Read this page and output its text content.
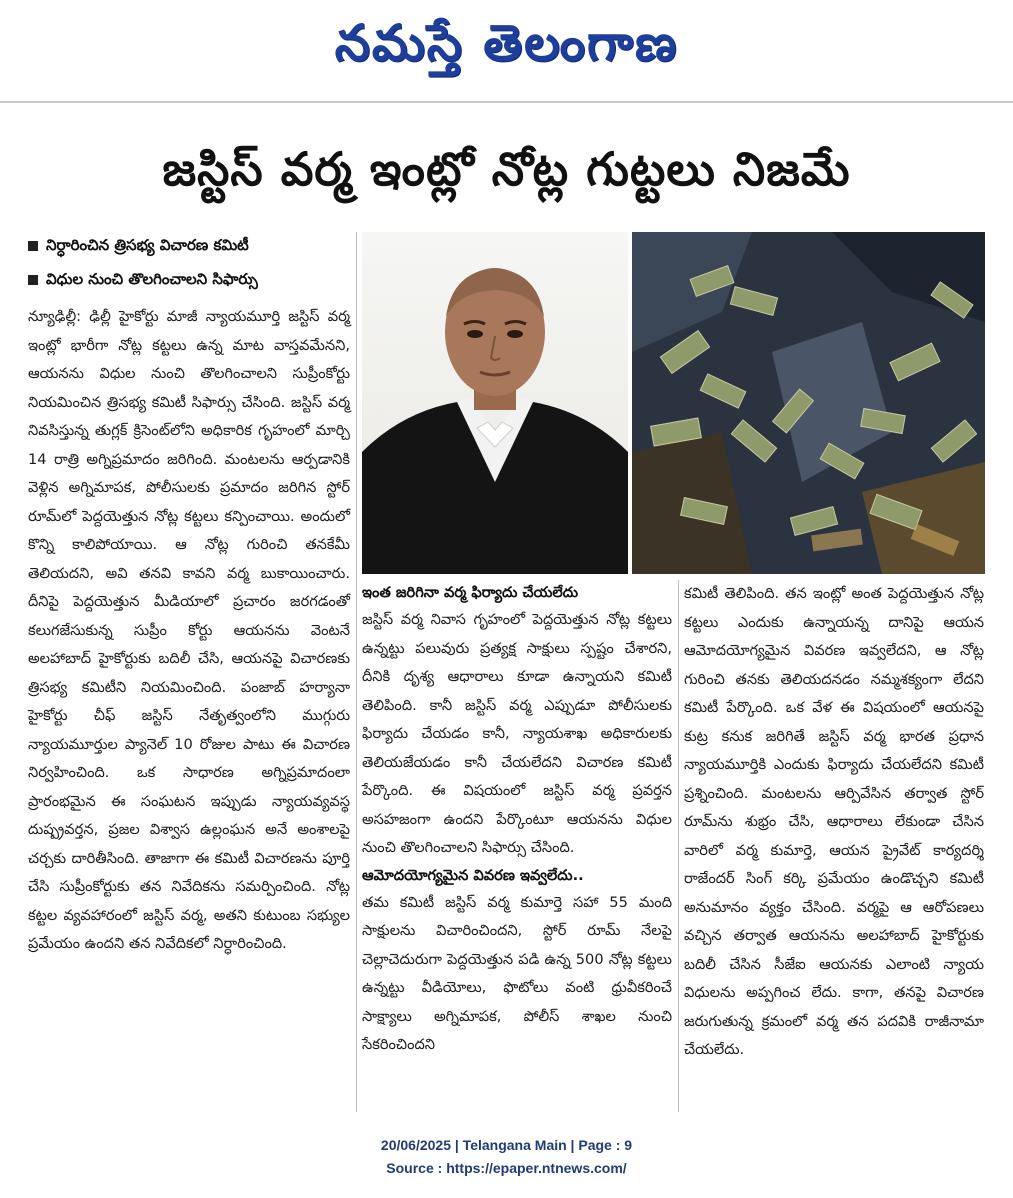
నమస్తే తెలంగాణ
జస్టిస్ వర్మ ఇంట్లో నోట్ల గుట్టలు నిజమే
నిర్ధారించిన త్రిసభ్య విచారణ కమిటీ
విధుల నుంచి తొలగించాలని సిఫార్సు

న్యూఢిల్లీ: ఢిల్లీ హైకోర్టు మాజీ న్యాయమూర్తి జస్టిస్ వర్మ ఇంట్లో భారీగా నోట్ల కట్టలు ఉన్న మాట వాస్తవమేనని, ఆయనను విధుల నుంచి తొలగించాలని సుప్రీంకోర్టు నియమించిన త్రిసభ్య కమిటీ సిఫార్సు చేసింది. జస్టిస్ వర్మ నివసిస్తున్న తుగ్లక్ క్రిసెంట్‌లోని అధికారిక గృహంలో మార్చి 14 రాత్రి అగ్నిప్రమాదం జరిగింది. మంటలను ఆర్పడానికి వెళ్లిన అగ్నిమాపక, పోలీసులకు ప్రమాదం జరిగిన స్టోర్ రూమ్‌లో పెద్దయెత్తున నోట్ల కట్టలు కన్పించాయి. అందులో కొన్ని కాలిపోయాయి. ఆ నోట్ల గురించి తనకేమీ తెలియదని, అవి తనవి కావని వర్మ బుకాయించారు. దీనిపై పెద్దయెత్తున మీడియాలో ప్రచారం జరగడంతో కలుగజేసుకున్న సుప్రీం కోర్టు ఆయనను వెంటనే అలహాబాద్ హైకోర్టుకు బదిలీ చేసి, ఆయనపై విచారణకు త్రిసభ్య కమిటీని నియమించింది. పంజాబ్ హర్యానా హైకోర్టు చీఫ్ జస్టిస్ నేతృత్వంలోని ముగ్గురు న్యాయమూర్తుల ప్యానెల్ 10 రోజుల పాటు ఈ విచారణ నిర్వహించింది. ఒక సాధారణ అగ్నిప్రమాదంలా ప్రారంభమైన ఈ సంఘటన ఇప్పుడు న్యాయవ్యవస్థ దుష్ప్రవర్తన, ప్రజల విశ్వాస ఉల్లంఘన అనే అంశాలపై చర్చకు దారితీసింది. తాజాగా ఈ కమిటీ విచారణను పూర్తి చేసి సుప్రీంకోర్టుకు తన నివేదికను సమర్పించింది. నోట్ల కట్టల వ్యవహారంలో జస్టిస్ వర్మ, అతని కుటుంబ సభ్యుల ప్రమేయం ఉందని తన నివేదికలో నిర్ధారించింది.

ఇంత జరిగినా వర్మ ఫిర్యాదు చేయలేదు

జస్టిస్ వర్మ నివాస గృహంలో పెద్దయెత్తున నోట్ల కట్టలు ఉన్నట్టు పలువురు ప్రత్యక్ష సాక్షులు స్పష్టం చేశారని, దీనికి దృశ్య ఆధారాలు కూడా ఉన్నాయని కమిటీ తెలిపింది. కానీ జస్టిస్ వర్మ ఎప్పుడూ పోలీసులకు ఫిర్యాదు చేయడం కానీ, న్యాయశాఖ అధికారులకు తెలియజేయడం కానీ చేయలేదని విచారణ కమిటీ పేర్కొంది. ఈ విషయంలో జస్టిస్ వర్మ ప్రవర్తన అసహజంగా ఉందని పేర్కొంటూ ఆయనను విధుల నుంచి తొలగించాలని సిఫార్సు చేసింది.

ఆమోదయోగ్యమైన వివరణ ఇవ్వలేదు..

తమ కమిటీ జస్టిస్ వర్మ కుమార్తె సహా 55 మంది సాక్షులను విచారించిందని, స్టోర్ రూమ్ నేలపై చెల్లాచెదురుగా పెద్దయెత్తున పడి ఉన్న 500 నోట్ల కట్టలు ఉన్నట్టు వీడియోలు, ఫొటోలు వంటి ధ్రువీకరించే సాక్ష్యాలు అగ్నిమాపక, పోలీస్ శాఖల నుంచి సేకరించిందని

కమిటీ తెలిపింది. తన ఇంట్లో అంత పెద్దయెత్తున నోట్ల కట్టలు ఎందుకు ఉన్నాయన్న దానిపై ఆయన ఆమోదయోగ్యమైన వివరణ ఇవ్వలేదని, ఆ నోట్ల గురించి తనకు తెలియదనడం నమ్మశక్యంగా లేదని కమిటీ పేర్కొంది. ఒక వేళ ఈ విషయంలో ఆయనపై కుట్ర కనుక జరిగితే జస్టిస్ వర్మ భారత ప్రధాన న్యాయమూర్తికి ఎందుకు ఫిర్యాదు చేయలేదని కమిటీ ప్రశ్నించింది. మంటలను ఆర్పివేసిన తర్వాత స్టోర్ రూమ్‌ను శుభ్రం చేసి, ఆధారాలు లేకుండా చేసిన వారిలో వర్మ కుమార్తె, ఆయన ప్రైవేట్ కార్యదర్శి రాజేందర్ సింగ్ కర్కి ప్రమేయం ఉండొచ్చని కమిటీ అనుమానం వ్యక్తం చేసింది. వర్మపై ఆ ఆరోపణలు వచ్చిన తర్వాత ఆయనను అలహాబాద్ హైకోర్టుకు బదిలీ చేసిన సీజేఐ ఆయనకు ఎలాంటి న్యాయ విధులను అప్పగించ లేదు. కాగా, తనపై విచారణ జరుగుతున్న క్రమంలో వర్మ తన పదవికి రాజీనామా చేయలేదు.

20/06/2025 | Telangana Main | Page : 9
Source : https://epaper.ntnews.com/
